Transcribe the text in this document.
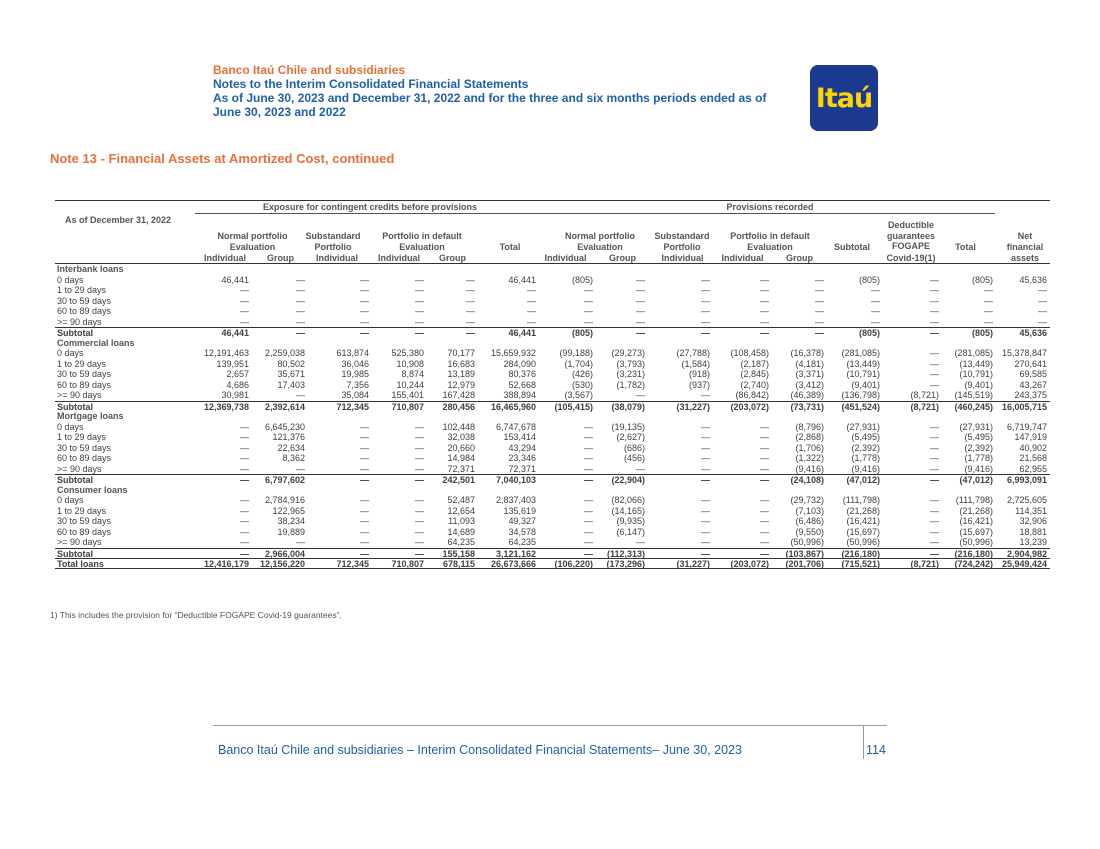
Banco Itaú Chile and subsidiaries
Notes to the Interim Consolidated Financial Statements
As of June 30, 2023 and December 31, 2022 and for the three and six months periods ended as of
June 30, 2023 and 2022	Itaú
Note 13 - Financial Assets at Amortized Cost, continued
Exposure for contingent credits before provisions	Provisions recorded
As of December 31, 2022
Normal portfolio Evaluation
Substandard Portfolio
Portfolio in default Evaluation	Total
Normal portfolio Evaluation
Substandard Portfolio
Portfolio in default Evaluation	Subtotal
Deductible guarantees FOGAPE	Total
Net financial
Individual	Group	Individual	Individual	Group	Individual	Group	Individual	Individual	Group	Covid-19(1)	assets
Interbank loans
0 days	46,441	—	—	—	—	46,441	(805)	—	—	—	—	(805)	—	(805)	45,636
1 to 29 days	—	—	—	—	—	—	—	—	—	—	—	—	—	—	—
30 to 59 days	—	—	—	—	—	—	—	—	—	—	—	—	—	—	—
60 to 89 days	—	—	—	—	—	—	—	—	—	—	—	—	—	—	—
>= 90 days	—	—	—	—	—	—	—	—	—	—	—	—	—	—	—
Subtotal	46,441	—	—	—	—	46,441	(805)	—	—	—	—	(805)	—	(805)	45,636
Commercial loans
0 days	12,191,463	2,259,038	613,874	525,380	70,177	15,659,932	(99,188)	(29,273)	(27,788)	(108,458)	(16,378)	(281,085)	—	(281,085) 15,378,847
1 to 29 days	139,951	80,502	36,046	10,908	16,683	284,090	(1,704)	(3,793)	(1,584)	(2,187)	(4,181)	(13,449)	—	(13,449)	270,641
30 to 59 days	2,657	35,671	19,985	8,874	13,189	80,376	(426)	(3,231)	(918)	(2,845)	(3,371)	(10,791)	—	(10,791)	69,585
60 to 89 days	4,686	17,403	7,356	10,244	12,979	52,668	(530)	(1,782)	(937)	(2,740)	(3,412)	(9,401)	—	(9,401)	43,267
>= 90 days	30,981	—	35,084	155,401	167,428	388,894	(3,567)	—	—	(86,842)	(46,389)	(136,798)	(8,721)	(145,519)	243,375
Subtotal	12,369,738	2,392,614	712,345	710,807	280,456	16,465,960	(105,415)	(38,079)	(31,227)	(203,072)	(73,731)	(451,524)	(8,721)	(460,245) 16,005,715
Mortgage loans
0 days	—	6,645,230	—	—	102,448	6,747,678	—	(19,135)	—	—	(8,796)	(27,931)	—	(27,931)	6,719,747
1 to 29 days	—	121,376	—	—	32,038	153,414	—	(2,627)	—	—	(2,868)	(5,495)	—	(5,495)	147,919
30 to 59 days	—	22,634	—	—	20,660	43,294	—	(686)	—	—	(1,706)	(2,392)	—	(2,392)	40,902
60 to 89 days	—	8,362	—	—	14,984	23,346	—	(456)	—	—	(1,322)	(1,778)	—	(1,778)	21,568
>= 90 days	—	—	—	—	72,371	72,371	—	—	—	—	(9,416)	(9,416)	—	(9,416)	62,955
Subtotal	—	6,797,602	—	—	242,501	7,040,103	—	(22,904)	—	—	(24,108)	(47,012)	—	(47,012)	6,993,091
Consumer loans
0 days	—	2,784,916	—	—	52,487	2,837,403	—	(82,066)	—	—	(29,732)	(111,798)	—	(111,798)	2,725,605
1 to 29 days	—	122,965	—	—	12,654	135,619	—	(14,165)	—	—	(7,103)	(21,268)	—	(21,268)	114,351
30 to 59 days	—	38,234	—	—	11,093	49,327	—	(9,935)	—	—	(6,486)	(16,421)	—	(16,421)	32,906
60 to 89 days	—	19,889	—	—	14,689	34,578	—	(6,147)	—	—	(9,550)	(15,697)	—	(15,697)	18,881
>= 90 days	—	—	—	—	64,235	64,235	—	—	—	—	(50,996)	(50,996)	—	(50,996)	13,239
Subtotal	—	2,966,004	—	—	155,158	3,121,162	—	(112,313)	—	—	(103,867)	(216,180)	—	(216,180)	2,904,982
Total loans	12,416,179	12,156,220	712,345	710,807	678,115	26,673,666	(106,220)	(173,296)	(31,227)	(203,072)	(201,706)	(715,521)	(8,721)	(724,242) 25,949,424
1) This includes the provision for “Deductible FOGAPE Covid-19 guarantees”.
Banco Itaú Chile and subsidiaries – Interim Consolidated Financial Statements– June 30, 2023	114
